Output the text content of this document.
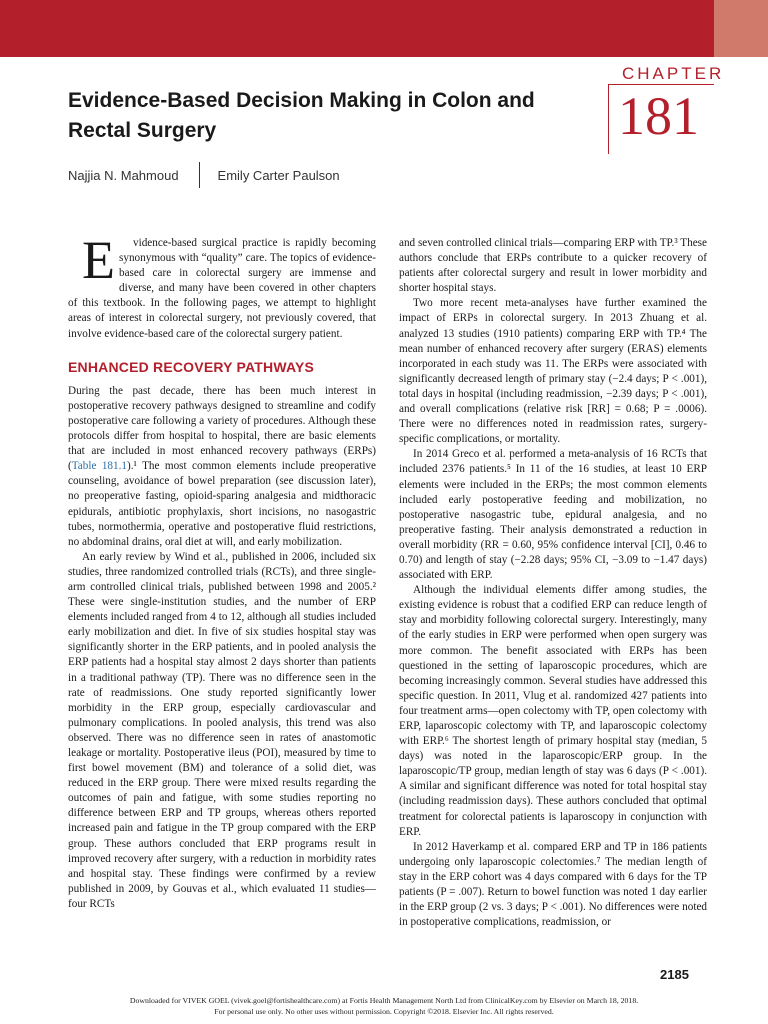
CHAPTER
181
Evidence-Based Decision Making in Colon and Rectal Surgery
Najjia N. Mahmoud	Emily Carter Paulson

E vidence-based surgical practice is rapidly becoming synonymous with “quality” care. The topics of evidence-based care in colorectal surgery are immense and diverse, and many have been covered in other chapters of this textbook. In the following pages, we attempt to highlight areas of interest in colorectal surgery, not previously covered, that involve evidence-based care of the colorectal surgery patient.

ENHANCED RECOVERY PATHWAYS

During the past decade, there has been much interest in postoperative recovery pathways designed to streamline and codify postoperative care following a variety of procedures. Although these protocols differ from hospital to hospital, there are basic elements that are included in most enhanced recovery pathways (ERPs) (Table 181.1).¹ The most common elements include preoperative counseling, avoidance of bowel preparation (see discussion later), no preoperative fasting, opioid-sparing analgesia and midthoracic epidurals, antibiotic prophylaxis, short incisions, no nasogastric tubes, normothermia, operative and postoperative fluid restrictions, no abdominal drains, oral diet at will, and early mobilization.

An early review by Wind et al., published in 2006, included six studies, three randomized controlled trials (RCTs), and three single-arm controlled clinical trials, published between 1998 and 2005.² These were single-institution studies, and the number of ERP elements included ranged from 4 to 12, although all studies included early mobilization and diet. In five of six studies hospital stay was significantly shorter in the ERP patients, and in pooled analysis the ERP patients had a hospital stay almost 2 days shorter than patients in a traditional pathway (TP). There was no difference seen in the rate of readmissions. One study reported significantly lower morbidity in the ERP group, especially cardiovascular and pulmonary complications. In pooled analysis, this trend was also observed. There was no difference seen in rates of anastomotic leakage or mortality. Postoperative ileus (POI), measured by time to first bowel movement (BM) and tolerance of a solid diet, was reduced in the ERP group. There were mixed results regarding the outcomes of pain and fatigue, with some studies reporting no difference between ERP and TP groups, whereas others reported increased pain and fatigue in the TP group compared with the ERP group. These authors concluded that ERP programs result in improved recovery after surgery, with a reduction in morbidity rates and hospital stay. These findings were confirmed by a review published in 2009, by Gouvas et al., which evaluated 11 studies—four RCTs

and seven controlled clinical trials—comparing ERP with TP.³ These authors conclude that ERPs contribute to a quicker recovery of patients after colorectal surgery and result in lower morbidity and shorter hospital stays.

Two more recent meta-analyses have further examined the impact of ERPs in colorectal surgery. In 2013 Zhuang et al. analyzed 13 studies (1910 patients) comparing ERP with TP.⁴ The mean number of enhanced recovery after surgery (ERAS) elements incorporated in each study was 11. The ERPs were associated with significantly decreased length of primary stay (−2.4 days; P < .001), total days in hospital (including readmission, −2.39 days; P < .001), and overall complications (relative risk [RR] = 0.68; P = .0006). There were no differences noted in readmission rates, surgery-specific complications, or mortality.

In 2014 Greco et al. performed a meta-analysis of 16 RCTs that included 2376 patients.⁵ In 11 of the 16 studies, at least 10 ERP elements were included in the ERPs; the most common elements included early postoperative feeding and mobilization, no postoperative nasogastric tube, epidural analgesia, and no preoperative fasting. Their analysis demonstrated a reduction in overall morbidity (RR = 0.60, 95% confidence interval [CI], 0.46 to 0.70) and length of stay (−2.28 days; 95% CI, −3.09 to −1.47 days) associated with ERP.

Although the individual elements differ among studies, the existing evidence is robust that a codified ERP can reduce length of stay and morbidity following colorectal surgery. Interestingly, many of the early studies in ERP were performed when open surgery was more common. The benefit associated with ERPs has been questioned in the setting of laparoscopic procedures, which are becoming increasingly common. Several studies have addressed this specific question. In 2011, Vlug et al. randomized 427 patients into four treatment arms—open colectomy with TP, open colectomy with ERP, laparoscopic colectomy with TP, and laparoscopic colectomy with ERP.⁶ The shortest length of primary hospital stay (median, 5 days) was noted in the laparoscopic/ERP group. In the laparoscopic/TP group, median length of stay was 6 days (P < .001). A similar and significant difference was noted for total hospital stay (including readmission days). These authors concluded that optimal treatment for colorectal patients is laparoscopy in conjunction with ERP.

In 2012 Haverkamp et al. compared ERP and TP in 186 patients undergoing only laparoscopic colectomies.⁷ The median length of stay in the ERP cohort was 4 days compared with 6 days for the TP patients (P = .007). Return to bowel function was noted 1 day earlier in the ERP group (2 vs. 3 days; P < .001). No differences were noted in postoperative complications, readmission, or

2185
Downloaded for VIVEK GOEL (vivek.goel@fortishealthcare.com) at Fortis Health Management North Ltd from ClinicalKey.com by Elsevier on March 18, 2018.
For personal use only. No other uses without permission. Copyright ©2018. Elsevier Inc. All rights reserved.
